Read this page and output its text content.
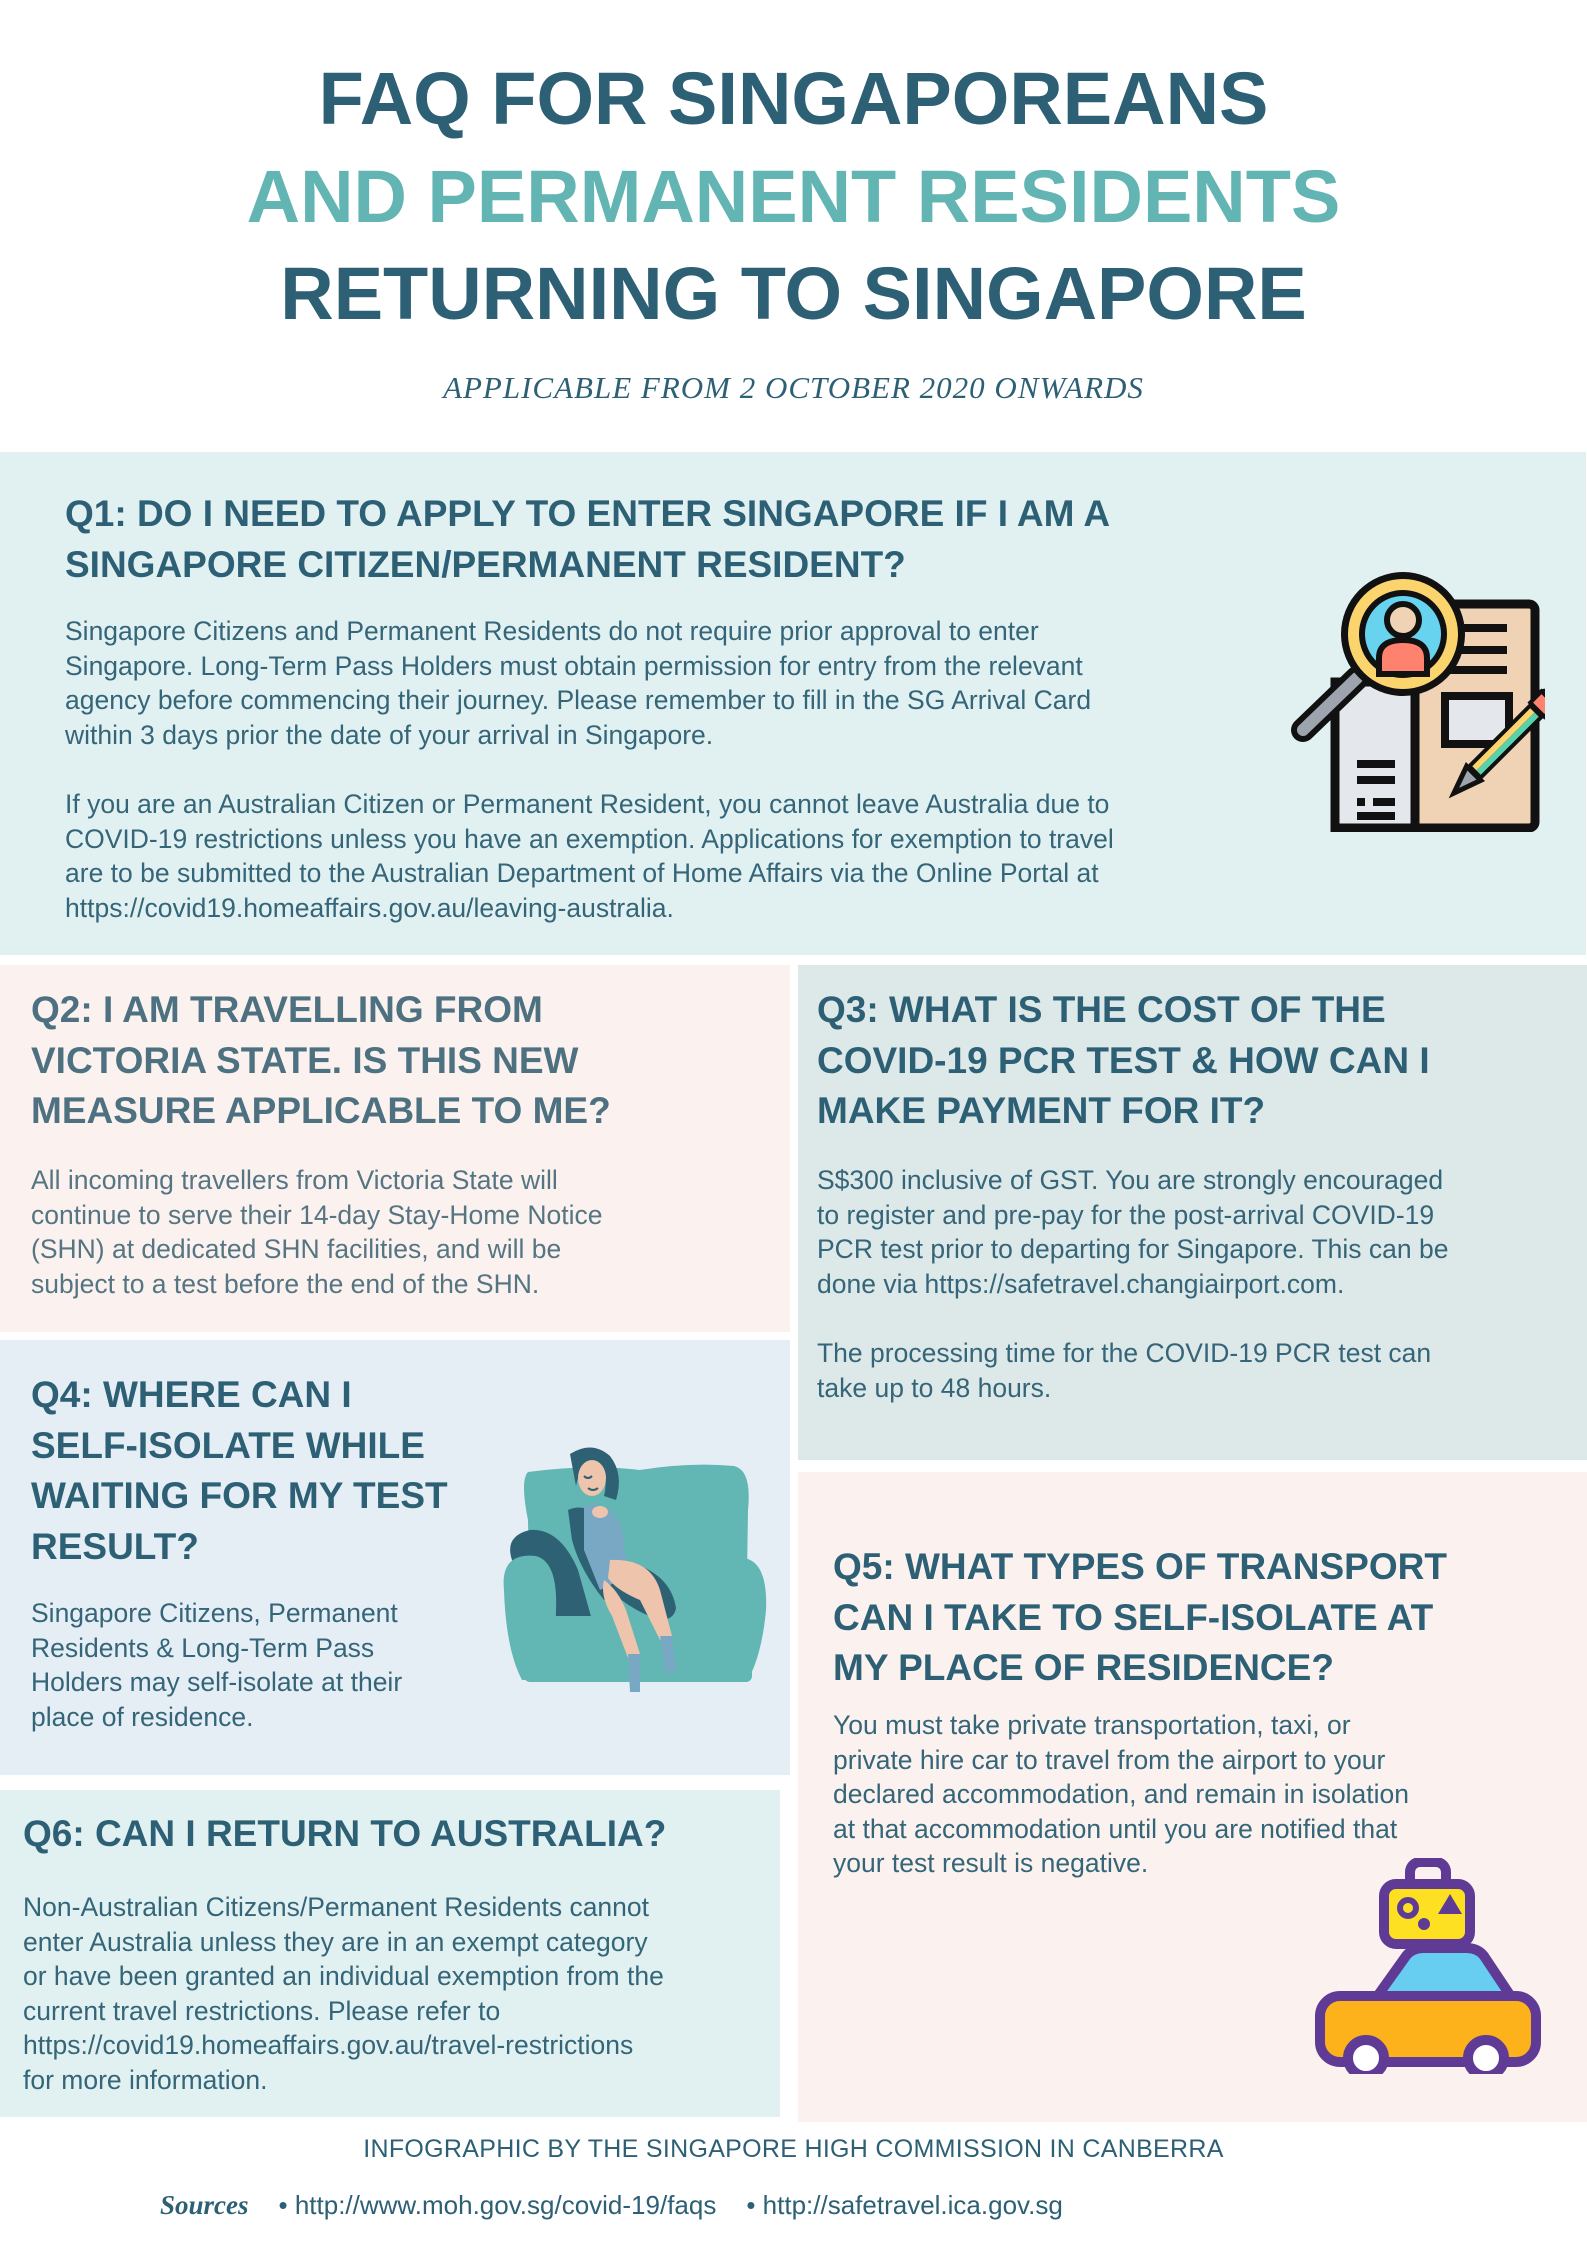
FAQ FOR SINGAPOREANS
AND PERMANENT RESIDENTS
RETURNING TO SINGAPORE
APPLICABLE FROM 2 OCTOBER 2020 ONWARDS
Q1: DO I NEED TO APPLY TO ENTER SINGAPORE IF I AM A
SINGAPORE CITIZEN/PERMANENT RESIDENT?

Singapore Citizens and Permanent Residents do not require prior approval to enter
Singapore. Long-Term Pass Holders must obtain permission for entry from the relevant
agency before commencing their journey. Please remember to fill in the SG Arrival Card
within 3 days prior the date of your arrival in Singapore.

If you are an Australian Citizen or Permanent Resident, you cannot leave Australia due to
COVID-19 restrictions unless you have an exemption. Applications for exemption to travel
are to be submitted to the Australian Department of Home Affairs via the Online Portal at
https://covid19.homeaffairs.gov.au/leaving-australia.

Q2: I AM TRAVELLING FROM
VICTORIA STATE. IS THIS NEW
MEASURE APPLICABLE TO ME?

All incoming travellers from Victoria State will
continue to serve their 14-day Stay-Home Notice
(SHN) at dedicated SHN facilities, and will be
subject to a test before the end of the SHN.

Q3: WHAT IS THE COST OF THE
COVID-19 PCR TEST & HOW CAN I
MAKE PAYMENT FOR IT?

S$300 inclusive of GST. You are strongly encouraged
to register and pre-pay for the post-arrival COVID-19
PCR test prior to departing for Singapore. This can be
done via https://safetravel.changiairport.com.

The processing time for the COVID-19 PCR test can
take up to 48 hours.

Q4: WHERE CAN I
SELF-ISOLATE WHILE
WAITING FOR MY TEST
RESULT?

Singapore Citizens, Permanent
Residents & Long-Term Pass
Holders may self-isolate at their
place of residence.

Q5: WHAT TYPES OF TRANSPORT
CAN I TAKE TO SELF-ISOLATE AT
MY PLACE OF RESIDENCE?

You must take private transportation, taxi, or
private hire car to travel from the airport to your
declared accommodation, and remain in isolation
at that accommodation until you are notified that
your test result is negative.

Q6: CAN I RETURN TO AUSTRALIA?

Non-Australian Citizens/Permanent Residents cannot
enter Australia unless they are in an exempt category
or have been granted an individual exemption from the
current travel restrictions. Please refer to
https://covid19.homeaffairs.gov.au/travel-restrictions
for more information.

INFOGRAPHIC BY THE SINGAPORE HIGH COMMISSION IN CANBERRA
Sources • http://www.moh.gov.sg/covid-19/faqs • http://safetravel.ica.gov.sg
